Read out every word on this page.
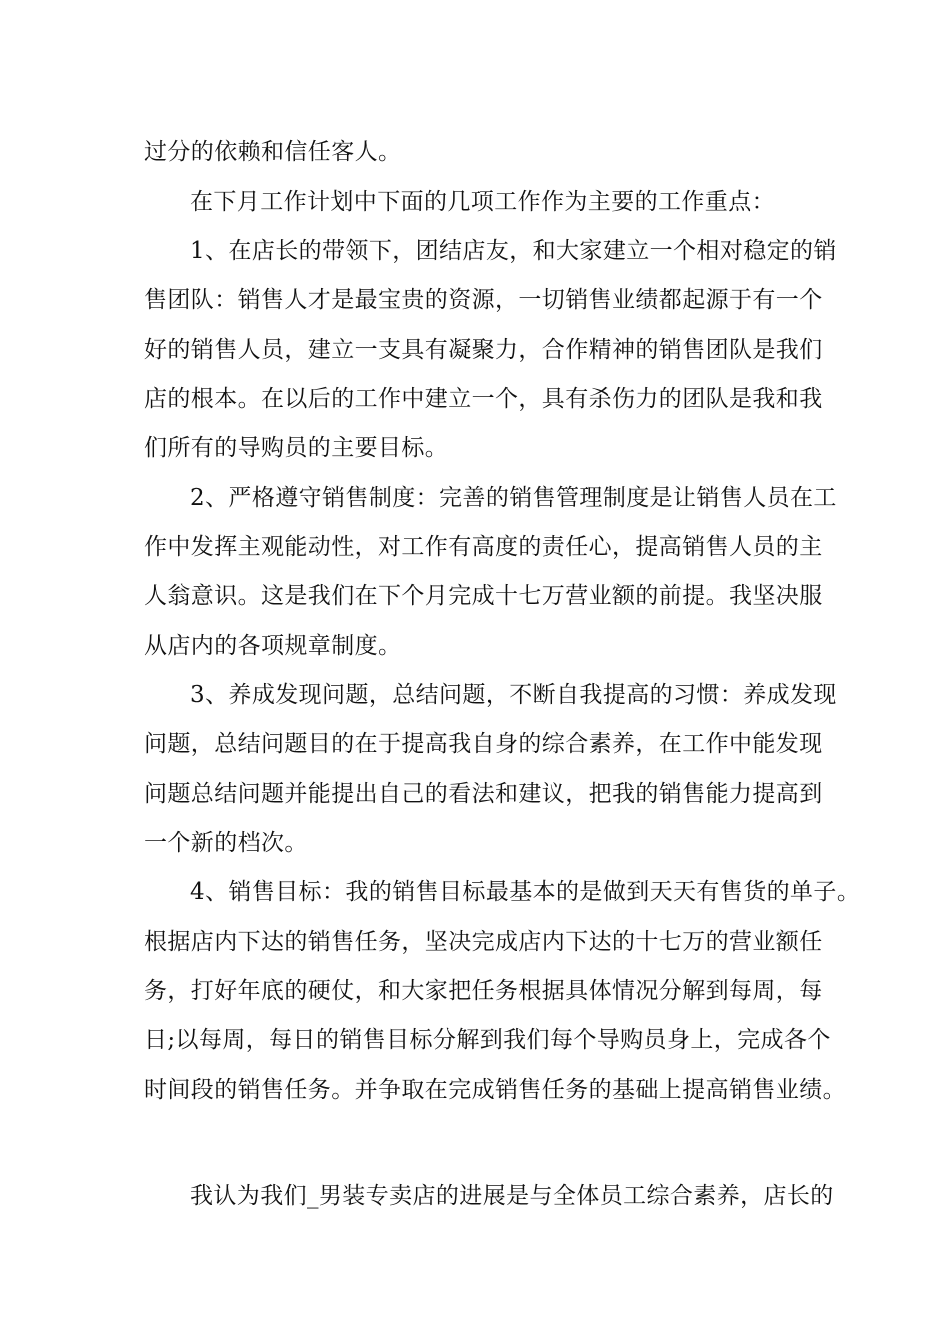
过分的依赖和信任客人。
在下月工作计划中下面的几项工作作为主要的工作重点：
1、在店长的带领下，团结店友，和大家建立一个相对稳定的销
售团队：销售人才是最宝贵的资源，一切销售业绩都起源于有一个
好的销售人员，建立一支具有凝聚力，合作精神的销售团队是我们
店的根本。在以后的工作中建立一个，具有杀伤力的团队是我和我
们所有的导购员的主要目标。
2、严格遵守销售制度：完善的销售管理制度是让销售人员在工
作中发挥主观能动性，对工作有高度的责任心，提高销售人员的主
人翁意识。这是我们在下个月完成十七万营业额的前提。我坚决服
从店内的各项规章制度。
3、养成发现问题，总结问题，不断自我提高的习惯：养成发现
问题，总结问题目的在于提高我自身的综合素养，在工作中能发现
问题总结问题并能提出自己的看法和建议，把我的销售能力提高到
一个新的档次。
4、销售目标：我的销售目标最基本的是做到天天有售货的单子。
根据店内下达的销售任务，坚决完成店内下达的十七万的营业额任
务，打好年底的硬仗，和大家把任务根据具体情况分解到每周，每
日;以每周，每日的销售目标分解到我们每个导购员身上，完成各个
时间段的销售任务。并争取在完成销售任务的基础上提高销售业绩。
我认为我们_男装专卖店的进展是与全体员工综合素养，店长的
